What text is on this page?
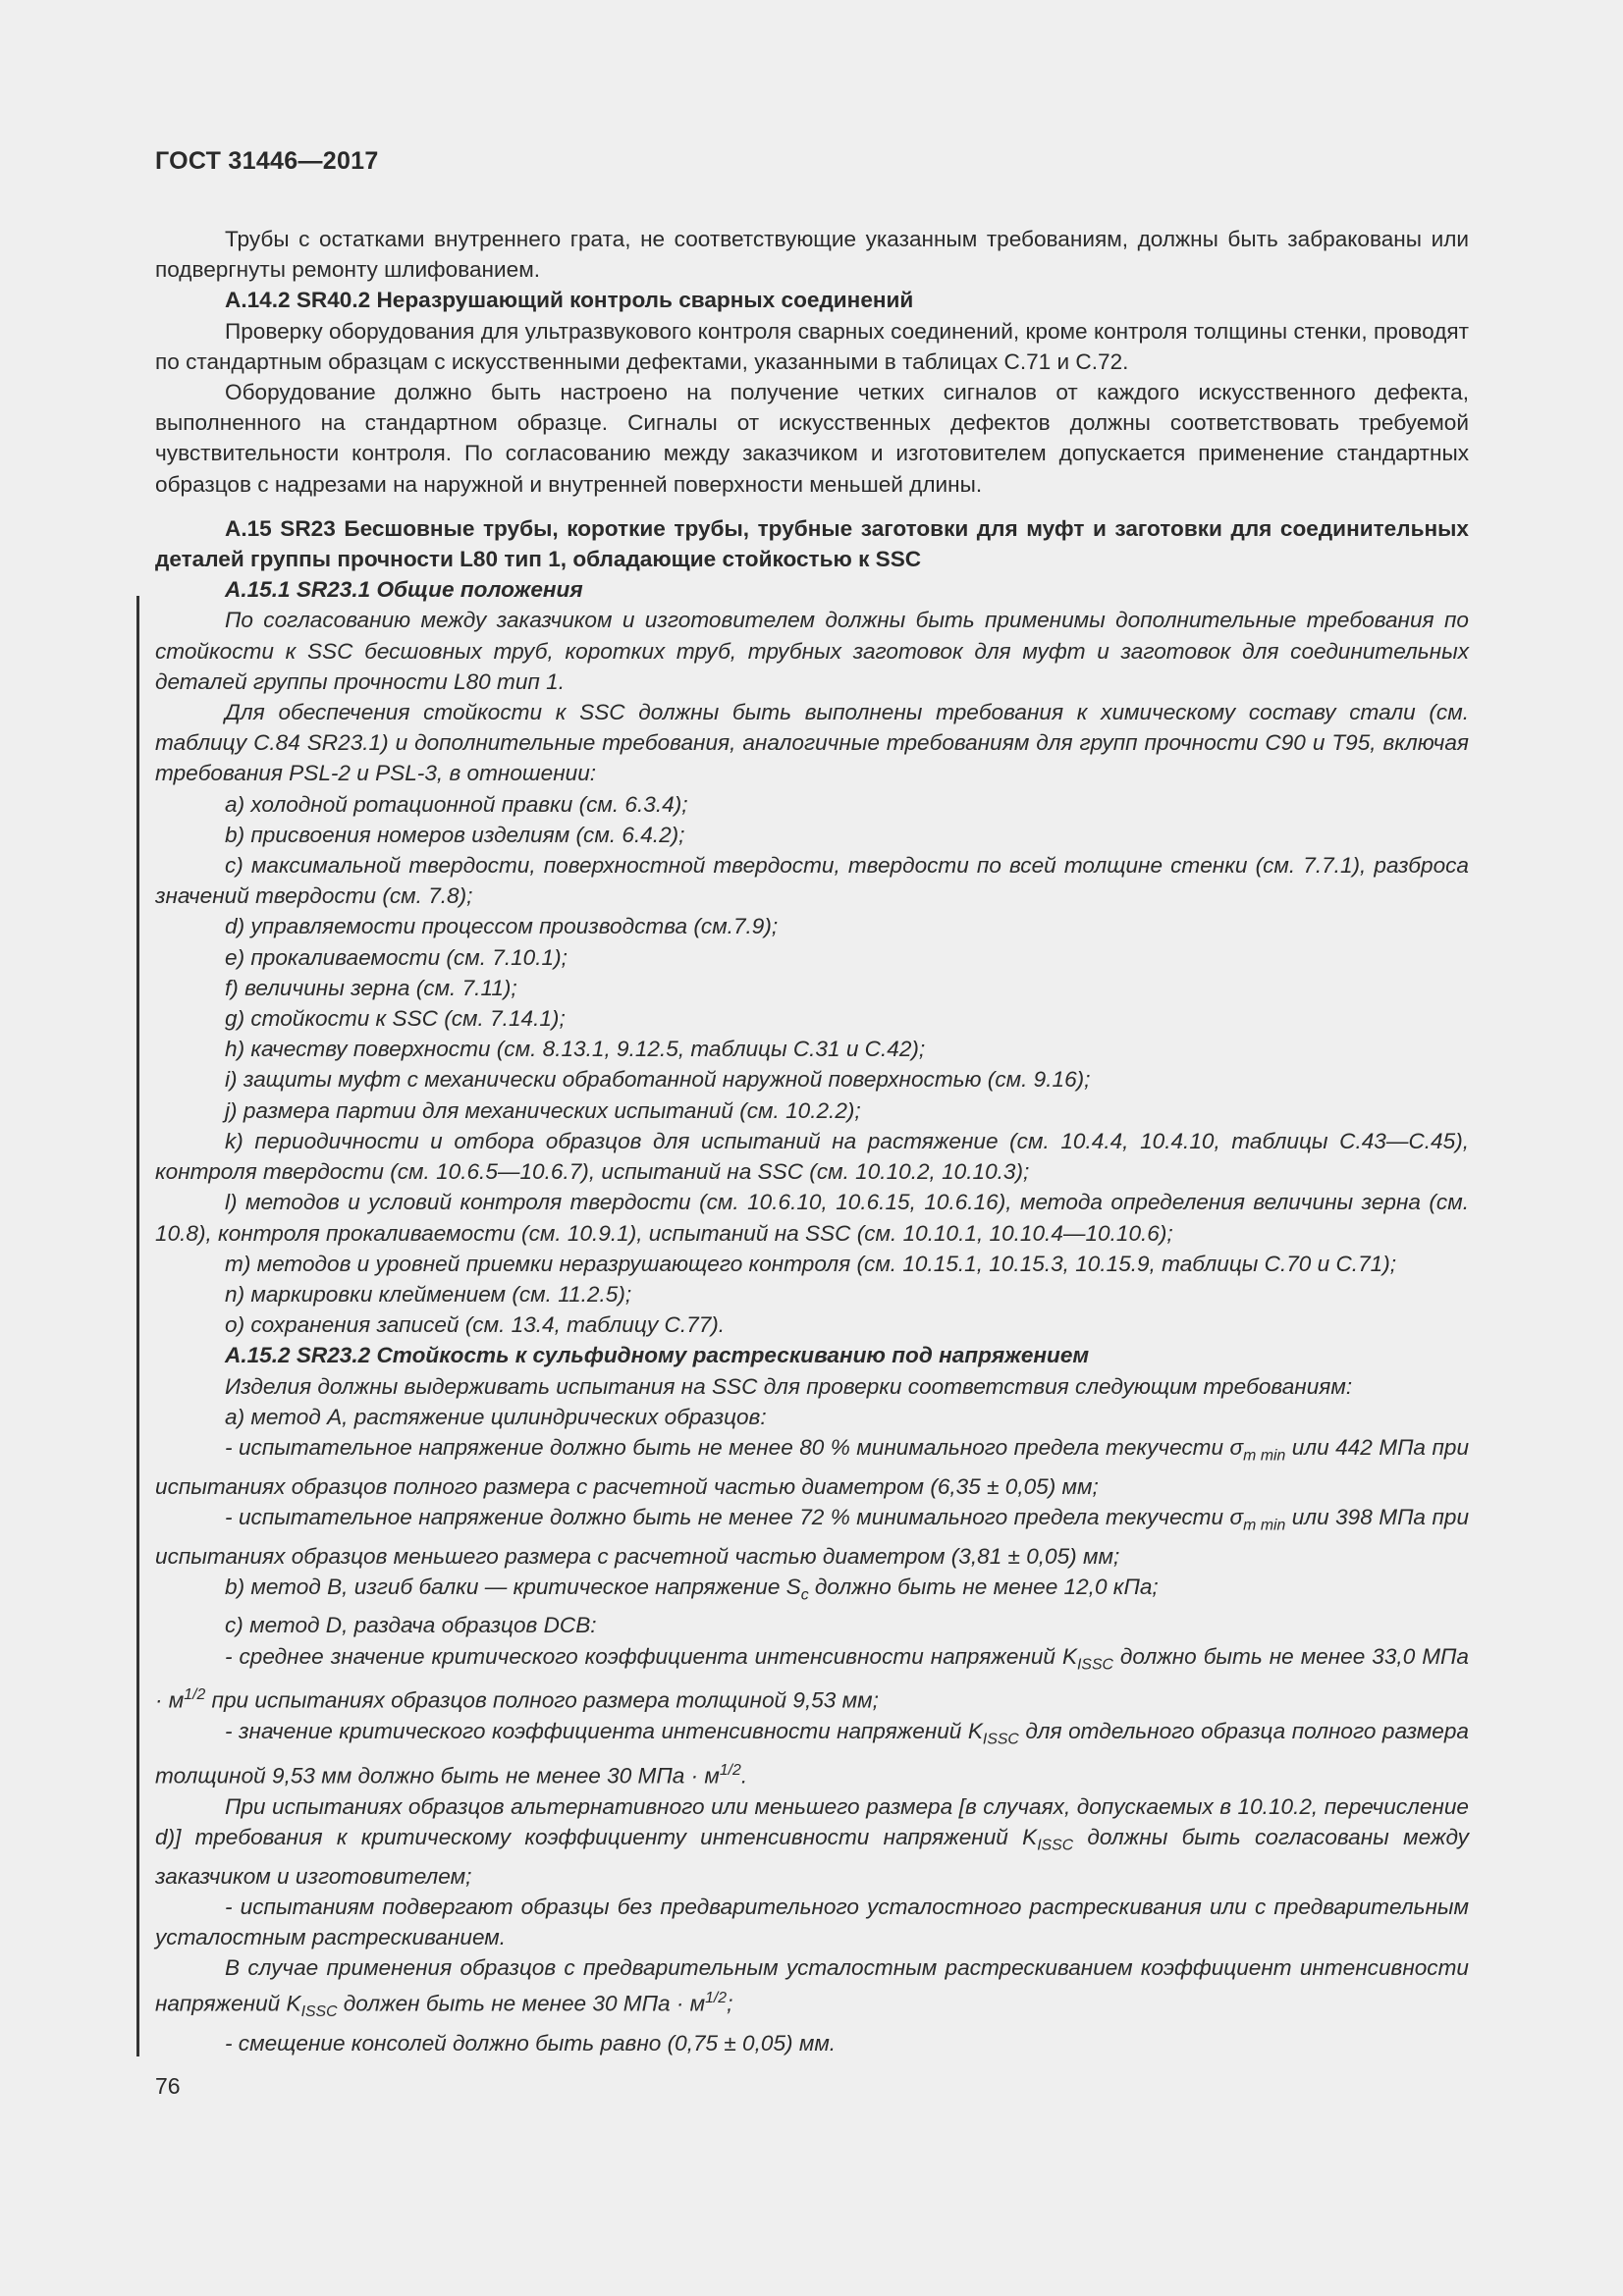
ГОСТ 31446—2017

Трубы с остатками внутреннего грата, не соответствующие указанным требованиям, должны быть забракованы или подвергнуты ремонту шлифованием.

А.14.2 SR40.2 Неразрушающий контроль сварных соединений

Проверку оборудования для ультразвукового контроля сварных соединений, кроме контроля толщины стенки, проводят по стандартным образцам с искусственными дефектами, указанными в таблицах С.71 и С.72.

Оборудование должно быть настроено на получение четких сигналов от каждого искусственного дефекта, выполненного на стандартном образце. Сигналы от искусственных дефектов должны соответствовать требуемой чувствительности контроля. По согласованию между заказчиком и изготовителем допускается применение стандартных образцов с надрезами на наружной и внутренней поверхности меньшей длины.

А.15 SR23 Бесшовные трубы, короткие трубы, трубные заготовки для муфт и заготовки для соединительных деталей группы прочности L80 тип 1, обладающие стойкостью к SSC

А.15.1 SR23.1 Общие положения

По согласованию между заказчиком и изготовителем должны быть применимы дополнительные требования по стойкости к SSC бесшовных труб, коротких труб, трубных заготовок для муфт и заготовок для соединительных деталей группы прочности L80 тип 1.

Для обеспечения стойкости к SSC должны быть выполнены требования к химическому составу стали (см. таблицу С.84 SR23.1) и дополнительные требования, аналогичные требованиям для групп прочности С90 и Т95, включая требования PSL-2 и PSL-3, в отношении:

a) холодной ротационной правки (см. 6.3.4);

b) присвоения номеров изделиям (см. 6.4.2);

c) максимальной твердости, поверхностной твердости, твердости по всей толщине стенки (см. 7.7.1), разброса значений твердости (см. 7.8);

d) управляемости процессом производства (см.7.9);

e) прокаливаемости (см. 7.10.1);

f) величины зерна (см. 7.11);

g) стойкости к SSC (см. 7.14.1);

h) качеству поверхности (см. 8.13.1, 9.12.5, таблицы С.31 и С.42);

i) защиты муфт с механически обработанной наружной поверхностью (см. 9.16);

j) размера партии для механических испытаний (см. 10.2.2);

k) периодичности и отбора образцов для испытаний на растяжение (см. 10.4.4, 10.4.10, таблицы С.43—С.45), контроля твердости (см. 10.6.5—10.6.7), испытаний на SSC (см. 10.10.2, 10.10.3);

l) методов и условий контроля твердости (см. 10.6.10, 10.6.15, 10.6.16), метода определения величины зерна (см. 10.8), контроля прокаливаемости (см. 10.9.1), испытаний на SSC (см. 10.10.1, 10.10.4—10.10.6);

m) методов и уровней приемки неразрушающего контроля (см. 10.15.1, 10.15.3, 10.15.9, таблицы С.70 и С.71);

n) маркировки клеймением (см. 11.2.5);

o) сохранения записей (см. 13.4, таблицу С.77).

А.15.2 SR23.2 Стойкость к сульфидному растрескиванию под напряжением

Изделия должны выдерживать испытания на SSC для проверки соответствия следующим требованиям:

а) метод А, растяжение цилиндрических образцов:

- испытательное напряжение должно быть не менее 80 % минимального предела текучести $\sigma_{т min}$ или 442 МПа при испытаниях образцов полного размера с расчетной частью диаметром (6,35 ± 0,05) мм;

- испытательное напряжение должно быть не менее 72 % минимального предела текучести $\sigma_{т min}$ или 398 МПа при испытаниях образцов меньшего размера с расчетной частью диаметром (3,81 ± 0,05) мм;

b) метод В, изгиб балки — критическое напряжение $S_c$ должно быть не менее 12,0 кПа;

c) метод D, раздача образцов DCB:

- среднее значение критического коэффициента интенсивности напряжений $K_{ISSC}$ должно быть не менее 33,0 МПа · $м^{1/2}$ при испытаниях образцов полного размера толщиной 9,53 мм;

- значение критического коэффициента интенсивности напряжений $K_{ISSC}$ для отдельного образца полного размера толщиной 9,53 мм должно быть не менее 30 МПа · $м^{1/2}$.

При испытаниях образцов альтернативного или меньшего размера [в случаях, допускаемых в 10.10.2, перечисление d)] требования к критическому коэффициенту интенсивности напряжений $K_{ISSC}$ должны быть согласованы между заказчиком и изготовителем;

- испытаниям подвергают образцы без предварительного усталостного растрескивания или с предварительным усталостным растрескиванием.

В случае применения образцов с предварительным усталостным растрескиванием коэффициент интенсивности напряжений $K_{ISSC}$ должен быть не менее 30 МПа · $м^{1/2}$;

- смещение консолей должно быть равно (0,75 ± 0,05) мм.

76
